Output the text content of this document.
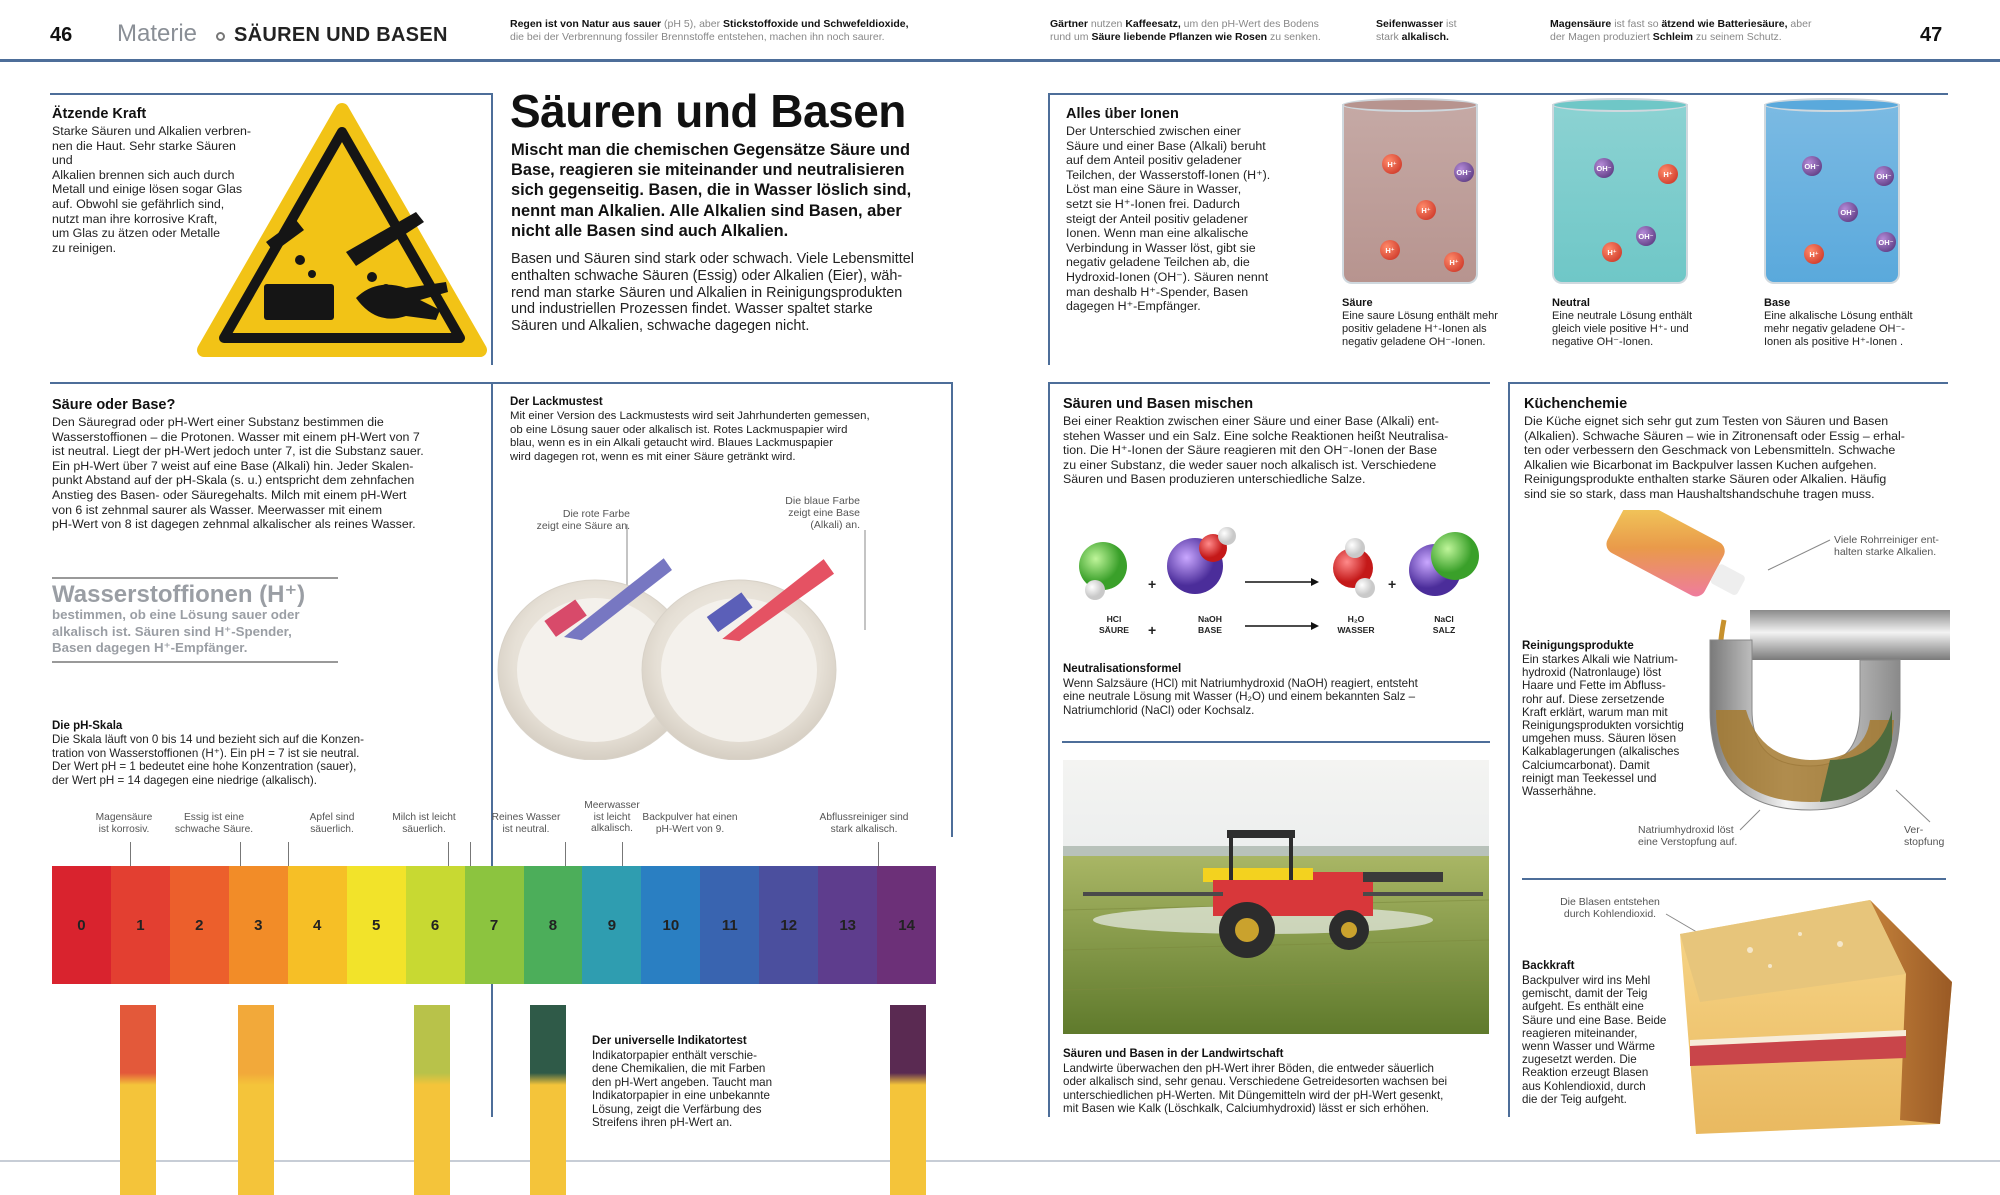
46 Materie SÄUREN UND BASEN	Regen ist von Natur aus sauer (pH 5), aber Stickstoffoxide und Schwefeldioxide,
die bei der Verbrennung fossiler Brennstoffe entstehen, machen ihn noch saurer.
Gärtner nutzen Kaffeesatz, um den pH-Wert des Bodens
rund um Säure liebende Pflanzen wie Rosen zu senken.
Seifenwasser ist
stark alkalisch.
Magensäure ist fast so ätzend wie Batteriesäure, aber
der Magen produziert Schleim zu seinem Schutz.	47
Ätzende Kraft
Starke Säuren und Alkalien verbren-
nen die Haut. Sehr starke Säuren und
Alkalien brennen sich auch durch
Metall und einige lösen sogar Glas
auf. Obwohl sie gefährlich sind,
nutzt man ihre korrosive Kraft,
um Glas zu ätzen oder Metalle
zu reinigen.
Säuren und Basen
Mischt man die chemischen Gegensätze Säure und
Base, reagieren sie miteinander und neutralisieren
sich gegenseitig. Basen, die in Wasser löslich sind,
nennt man Alkalien. Alle Alkalien sind Basen, aber
nicht alle Basen sind auch Alkalien.
Basen und Säuren sind stark oder schwach. Viele Lebensmittel
enthalten schwache Säuren (Essig) oder Alkalien (Eier), wäh-
rend man starke Säuren und Alkalien in Reinigungsprodukten
und industriellen Prozessen findet. Wasser spaltet starke
Säuren und Alkalien, schwache dagegen nicht.
Säure oder Base?
Den Säuregrad oder pH-Wert einer Substanz bestimmen die
Wasserstoffionen – die Protonen. Wasser mit einem pH-Wert von 7
ist neutral. Liegt der pH-Wert jedoch unter 7, ist die Substanz sauer.
Ein pH-Wert über 7 weist auf eine Base (Alkali) hin. Jeder Skalen-
punkt Abstand auf der pH-Skala (s. u.) entspricht dem zehnfachen
Anstieg des Basen- oder Säuregehalts. Milch mit einem pH-Wert
von 6 ist zehnmal saurer als Wasser. Meerwasser mit einem
pH-Wert von 8 ist dagegen zehnmal alkalischer als reines Wasser.
Wasserstoffionen (H⁺)
bestimmen, ob eine Lösung sauer oder
alkalisch ist. Säuren sind H⁺-Spender,
Basen dagegen H⁺-Empfänger.
Der Lackmustest
Mit einer Version des Lackmustests wird seit Jahrhunderten gemessen,
ob eine Lösung sauer oder alkalisch ist. Rotes Lackmuspapier wird
blau, wenn es in ein Alkali getaucht wird. Blaues Lackmuspapier
wird dagegen rot, wenn es mit einer Säure getränkt wird.
Die rote Farbe
zeigt eine Säure an.
Die blaue Farbe
zeigt eine Base
(Alkali) an.
Die pH-Skala
Die Skala läuft von 0 bis 14 und bezieht sich auf die Konzen-
tration von Wasserstoffionen (H⁺). Ein pH = 7 ist sie neutral.
Der Wert pH = 1 bedeutet eine hohe Konzentration (sauer),
der Wert pH = 14 dagegen eine niedrige (alkalisch).
Magensäure
ist korrosiv.
Essig ist eine
schwache Säure.
Apfel sind
säuerlich.
Milch ist leicht
säuerlich.
Reines Wasser
ist neutral.
Meerwasser
ist leicht
alkalisch.
Backpulver hat einen
pH-Wert von 9.
Abflussreiniger sind
stark alkalisch.
0	1	2	3	4	5	6	7	8	9	10	11	12	13	14
Der universelle Indikatortest
Indikatorpapier enthält verschie-
dene Chemikalien, die mit Farben
den pH-Wert angeben. Taucht man
Indikatorpapier in eine unbekannte
Lösung, zeigt die Verfärbung des
Streifens ihren pH-Wert an.
Alles über Ionen
Der Unterschied zwischen einer
Säure und einer Base (Alkali) beruht
auf dem Anteil positiv geladener
Teilchen, der Wasserstoff-Ionen (H⁺).
Löst man eine Säure in Wasser,
setzt sie H⁺-Ionen frei. Dadurch
steigt der Anteil positiv geladener
Ionen. Wenn man eine alkalische
Verbindung in Wasser löst, gibt sie
negativ geladene Teilchen ab, die
Hydroxid-Ionen (OH⁻). Säuren nennt
man deshalb H⁺-Spender, Basen
dagegen H⁺-Empfänger.
H⁺
OH⁻
H⁺
H⁺
H⁺
Säure
Eine saure Lösung enthält mehr
positiv geladene H⁺-Ionen als
negativ geladene OH⁻-Ionen.
OH⁻
H⁺
OH⁻
H⁺
Neutral
Eine neutrale Lösung enthält
gleich viele positive H⁺- und
negative OH⁻-Ionen.
OH⁻
OH⁻
OH⁻
OH⁻
H⁺
Base
Eine alkalische Lösung enthält
mehr negativ geladene OH⁻-
Ionen als positive H⁺-Ionen .
Säuren und Basen mischen
Bei einer Reaktion zwischen einer Säure und einer Base (Alkali) ent-
stehen Wasser und ein Salz. Eine solche Reaktionen heißt Neutralisa-
tion. Die H⁺-Ionen der Säure reagieren mit den OH⁻-Ionen der Base
zu einer Substanz, die weder sauer noch alkalisch ist. Verschiedene
Säuren und Basen produzieren unterschiedliche Salze.
HCl
SÄURE
NaOH
BASE
H₂O
WASSER
NaCl
SALZ
+	+
+
Neutralisationsformel
Wenn Salzsäure (HCl) mit Natriumhydroxid (NaOH) reagiert, entsteht
eine neutrale Lösung mit Wasser (H₂O) und einem bekannten Salz –
Natriumchlorid (NaCl) oder Kochsalz.
Säuren und Basen in der Landwirtschaft
Landwirte überwachen den pH-Wert ihrer Böden, die entweder säuerlich
oder alkalisch sind, sehr genau. Verschiedene Getreidesorten wachsen bei
unterschiedlichen pH-Werten. Mit Düngemitteln wird der pH-Wert gesenkt,
mit Basen wie Kalk (Löschkalk, Calciumhydroxid) lässt er sich erhöhen.
Küchenchemie
Die Küche eignet sich sehr gut zum Testen von Säuren und Basen
(Alkalien). Schwache Säuren – wie in Zitronensaft oder Essig – erhal-
ten oder verbessern den Geschmack von Lebensmitteln. Schwache
Alkalien wie Bicarbonat im Backpulver lassen Kuchen aufgehen.
Reinigungsprodukte enthalten starke Säuren oder Alkalien. Häufig
sind sie so stark, dass man Haushaltshandschuhe tragen muss.
Viele Rohrreiniger ent-
halten starke Alkalien.
Reinigungsprodukte
Ein starkes Alkali wie Natrium-
hydroxid (Natronlauge) löst
Haare und Fette im Abfluss-
rohr auf. Diese zersetzende
Kraft erklärt, warum man mit
Reinigungsprodukten vorsichtig
umgehen muss. Säuren lösen
Kalkablagerungen (alkalisches
Calciumcarbonat). Damit
reinigt man Teekessel und
Wasserhähne.
Natriumhydroxid löst
eine Verstopfung auf.
Ver-
stopfung
Die Blasen entstehen
durch Kohlendioxid.
Backkraft
Backpulver wird ins Mehl
gemischt, damit der Teig
aufgeht. Es enthält eine
Säure und eine Base. Beide
reagieren miteinander,
wenn Wasser und Wärme
zugesetzt werden. Die
Reaktion erzeugt Blasen
aus Kohlendioxid, durch
die der Teig aufgeht.
